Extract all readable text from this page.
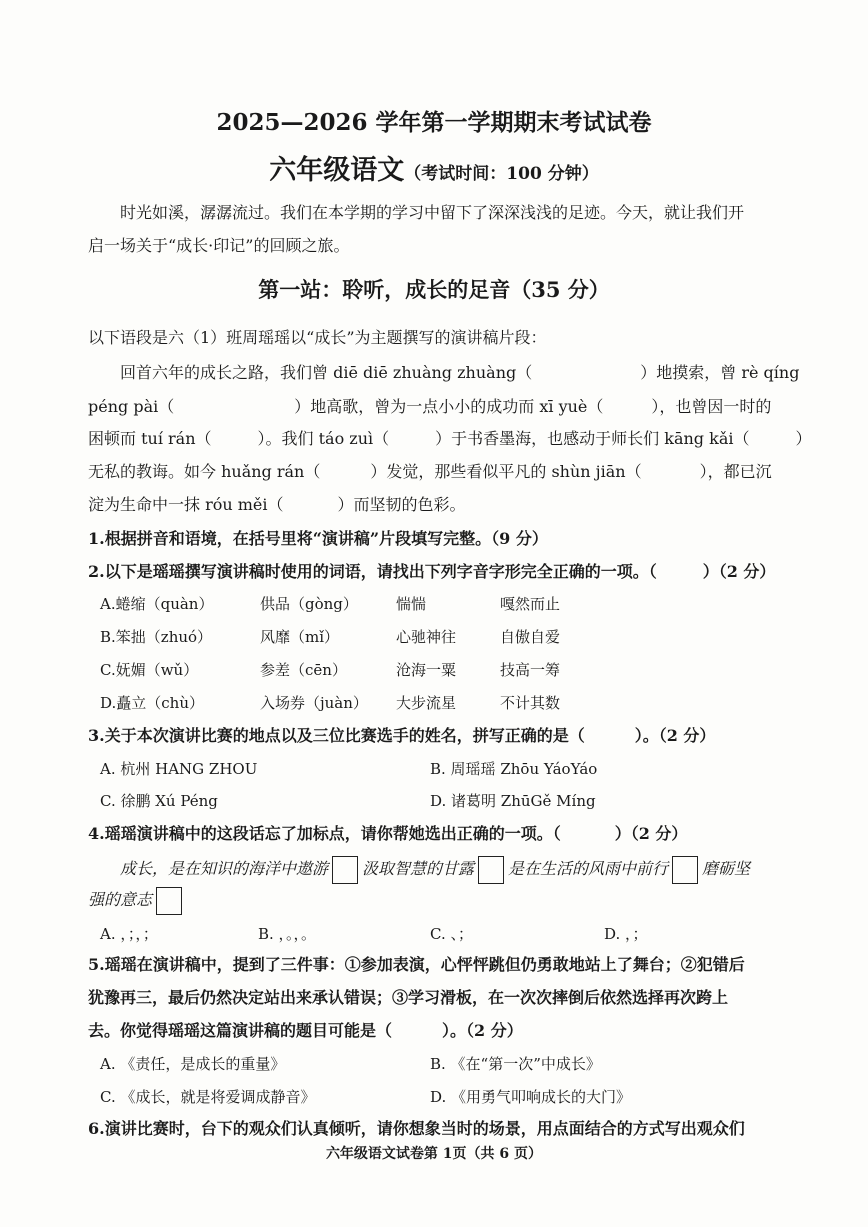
2025—2026 学年第一学期期末考试试卷
六年级语文（考试时间：100 分钟）
时光如溪，潺潺流过。我们在本学期的学习中留下了深深浅浅的足迹。今天，就让我们开
启一场关于“成长·印记”的回顾之旅。
第一站：聆听，成长的足音（35 分）
以下语段是六（1）班周瑶瑶以“成长”为主题撰写的演讲稿片段：
回首六年的成长之路，我们曾 diē diē zhuàng zhuàng（	）地摸索，曾 rè qíng
péng pài（	）地高歌，曾为一点小小的成功而 xī yuè（	），也曾因一时的
困顿而 tuí rán（	）。我们 táo zuì（	）于书香墨海，也感动于师长们 kāng kǎi（	）
无私的教诲。如今 huǎng rán（	）发觉，那些看似平凡的 shùn jiān（	），都已沉
淀为生命中一抹 róu měi（	）而坚韧的色彩。
1.根据拼音和语境，在括号里将“演讲稿”片段填写完整。（9 分）
2.以下是瑶瑶撰写演讲稿时使用的词语，请找出下列字音字形完全正确的一项。（	）（2 分）
A.蜷缩（quàn）	供品（gòng）	惴惴	嘎然而止
B.笨拙（zhuó）	风靡（mǐ）	心驰神往	自傲自爱
C.妩媚（wǔ）	参差（cēn）	沧海一粟	技高一筹
D.矗立（chù）	入场券（juàn） 大步流星	不计其数
3.关于本次演讲比赛的地点以及三位比赛选手的姓名，拼写正确的是（	）。（2 分）
A. 杭州 HANG ZHOU	B. 周瑶瑶 Zhōu YáoYáo
C. 徐鹏 Xú Péng	D. 诸葛明 ZhūGě Míng
4.瑶瑶演讲稿中的这段话忘了加标点，请你帮她选出正确的一项。（	）（2 分）
成长，是在知识的海洋中遨游 汲取智慧的甘露 是在生活的风雨中前行 磨砺坚
强的意志
A. ，；，；	B. ，。，。	C. 、；	D. ，；
5.瑶瑶在演讲稿中，提到了三件事：①参加表演，心怦怦跳但仍勇敢地站上了舞台；②犯错后
犹豫再三，最后仍然决定站出来承认错误；③学习滑板，在一次次摔倒后依然选择再次跨上
去。你觉得瑶瑶这篇演讲稿的题目可能是（	）。（2 分）
A. 《责任，是成长的重量》	B. 《在“第一次”中成长》
C. 《成长，就是将爱调成静音》	D. 《用勇气叩响成长的大门》
6.演讲比赛时，台下的观众们认真倾听，请你想象当时的场景，用点面结合的方式写出观众们
六年级语文试卷第 1页（共 6 页）
